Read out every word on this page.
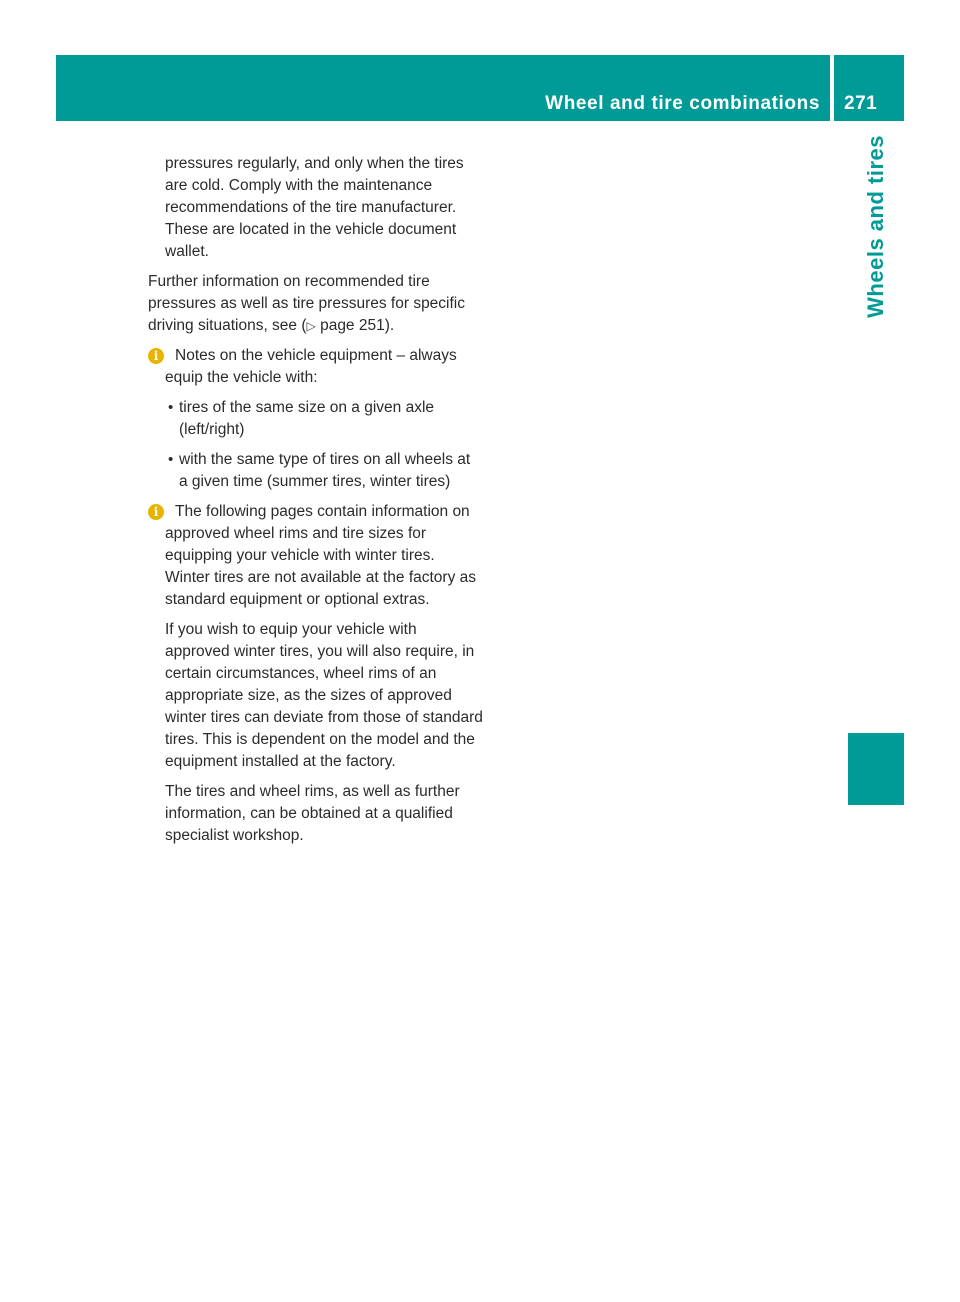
Wheel and tire combinations 271
Wheels and tires

pressures regularly, and only when the tires

are cold. Comply with the maintenance

recommendations of the tire manufacturer.

These are located in the vehicle document

wallet.

Further information on recommended tire pressures as well as tire pressures for specific driving situations, see (▷ page 251).

i	Notes on the vehicle equipment – always equip the vehicle with:

• tires of the same size on a given axle (left/right)

• with the same type of tires on all wheels at a given time (summer tires, winter tires)

i	The following pages contain information on approved wheel rims and tire sizes for equipping your vehicle with winter tires. Winter tires are not available at the factory as standard equipment or optional extras.

If you wish to equip your vehicle with approved winter tires, you will also require, in certain circumstances, wheel rims of an appropriate size, as the sizes of approved winter tires can deviate from those of standard tires. This is dependent on the model and the equipment installed at the factory.

The tires and wheel rims, as well as further information, can be obtained at a qualified specialist workshop.
